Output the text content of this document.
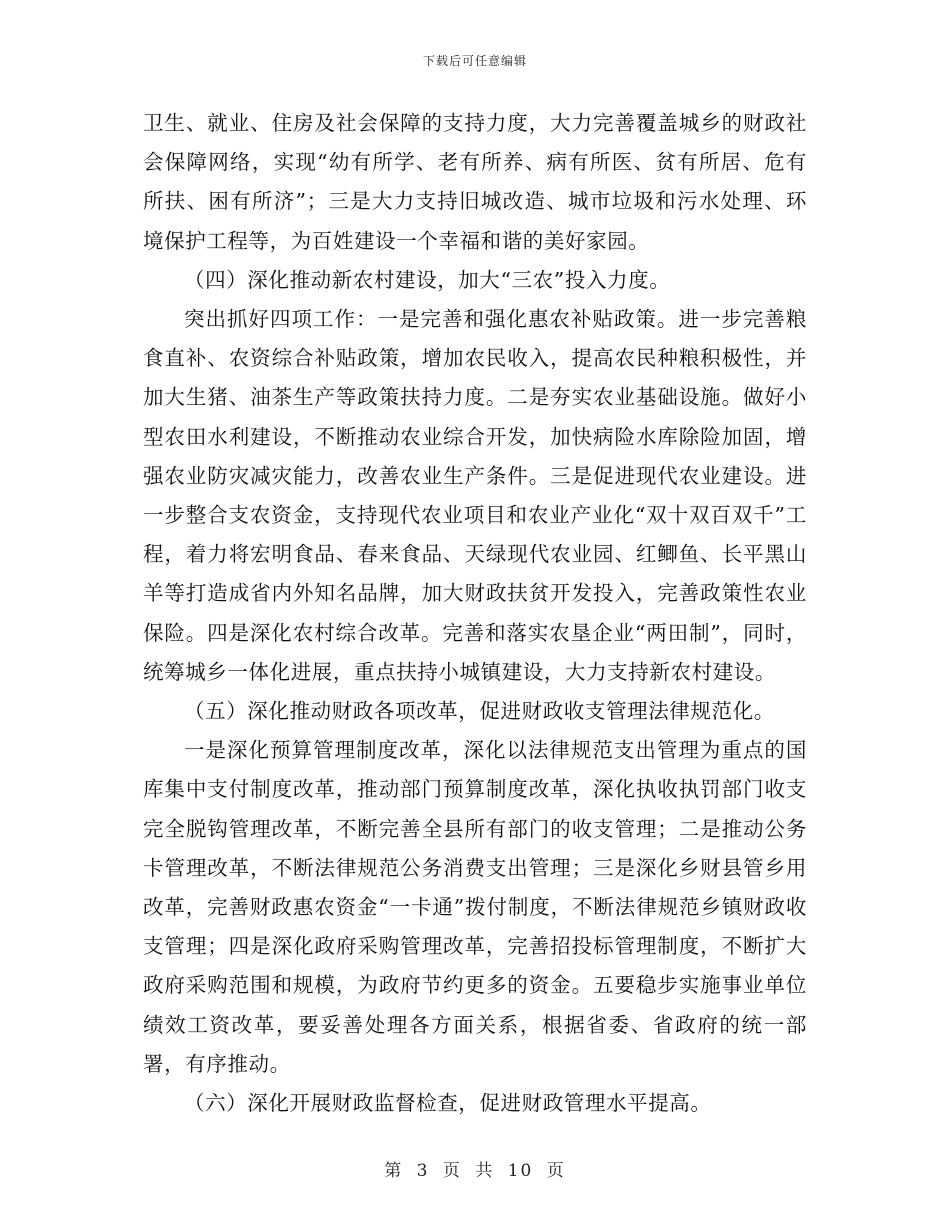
下载后可任意编辑

卫生、就业、住房及社会保障的支持力度，大力完善覆盖城乡的财政社会保障网络，实现“幼有所学、老有所养、病有所医、贫有所居、危有所扶、困有所济”；三是大力支持旧城改造、城市垃圾和污水处理、环境保护工程等，为百姓建设一个幸福和谐的美好家园。

（四）深化推动新农村建设，加大“三农”投入力度。

突出抓好四项工作：一是完善和强化惠农补贴政策。进一步完善粮食直补、农资综合补贴政策，增加农民收入，提高农民种粮积极性，并加大生猪、油茶生产等政策扶持力度。二是夯实农业基础设施。做好小型农田水利建设，不断推动农业综合开发，加快病险水库除险加固，增强农业防灾减灾能力，改善农业生产条件。三是促进现代农业建设。进一步整合支农资金，支持现代农业项目和农业产业化“双十双百双千”工程，着力将宏明食品、春来食品、天绿现代农业园、红鲫鱼、长平黑山羊等打造成省内外知名品牌，加大财政扶贫开发投入，完善政策性农业保险。四是深化农村综合改革。完善和落实农垦企业“两田制”，同时，统筹城乡一体化进展，重点扶持小城镇建设，大力支持新农村建设。

（五）深化推动财政各项改革，促进财政收支管理法律规范化。

一是深化预算管理制度改革，深化以法律规范支出管理为重点的国库集中支付制度改革，推动部门预算制度改革，深化执收执罚部门收支完全脱钩管理改革，不断完善全县所有部门的收支管理；二是推动公务卡管理改革，不断法律规范公务消费支出管理；三是深化乡财县管乡用改革，完善财政惠农资金“一卡通”拨付制度，不断法律规范乡镇财政收支管理；四是深化政府采购管理改革，完善招投标管理制度，不断扩大政府采购范围和规模，为政府节约更多的资金。五要稳步实施事业单位绩效工资改革，要妥善处理各方面关系，根据省委、省政府的统一部署，有序推动。

（六）深化开展财政监督检查，促进财政管理水平提高。

第 3 页 共 10 页
